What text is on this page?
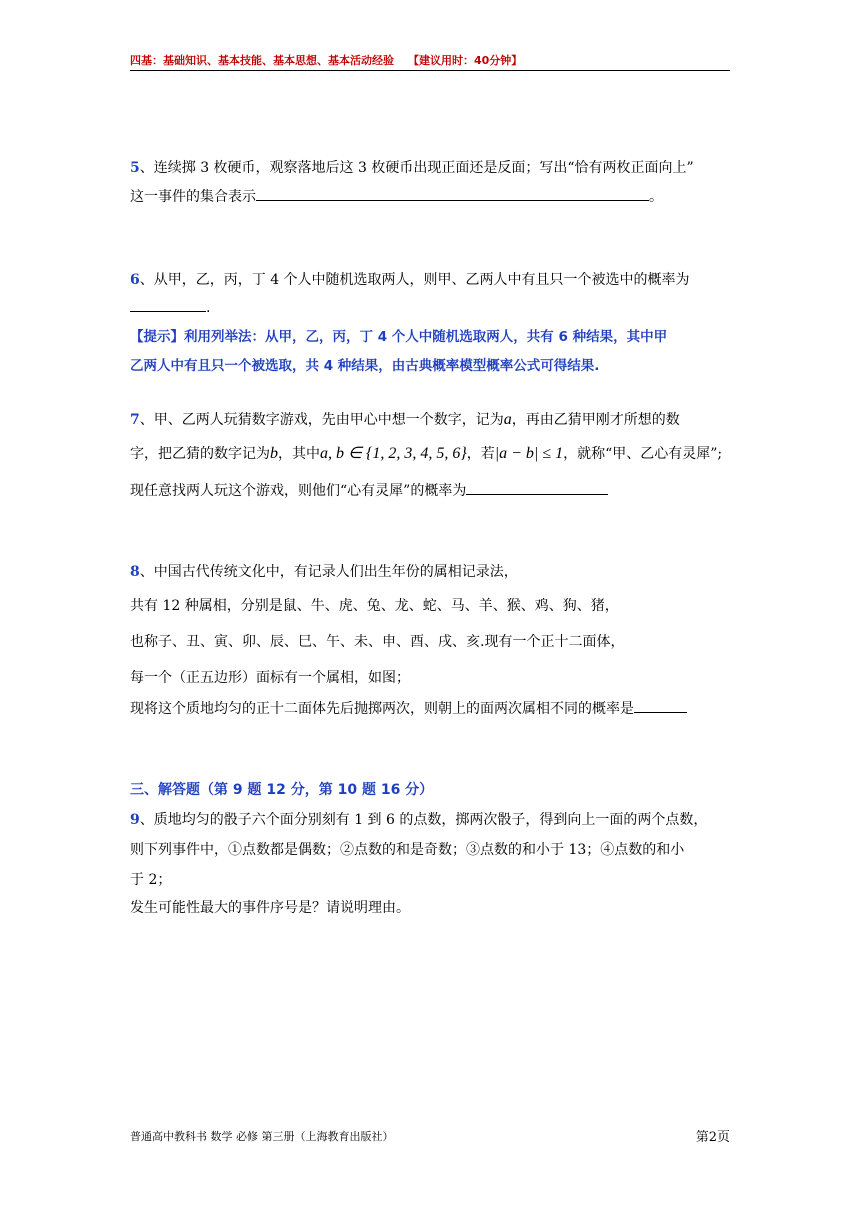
四基：基础知识、基本技能、基本思想、基本活动经验 【建议用时：40分钟】
5、连续掷 3 枚硬币，观察落地后这 3 枚硬币出现正面还是反面；写出“恰有两枚正面向上”
这一事件的集合表示	。
6、从甲，乙，丙，丁 4 个人中随机选取两人，则甲、乙两人中有且只一个被选中的概率为
.
【提示】利用列举法：从甲，乙，丙，丁 4 个人中随机选取两人，共有 6 种结果，其中甲
乙两人中有且只一个被选取，共 4 种结果，由古典概率模型概率公式可得结果.
7、甲、乙两人玩猜数字游戏，先由甲心中想一个数字，记为a，再由乙猜甲刚才所想的数
字，把乙猜的数字记为b，其中a, b ∈ {1, 2, 3, 4, 5, 6}，若|a − b| ≤ 1，就称“甲、乙心有灵犀”;
现任意找两人玩这个游戏，则他们“心有灵犀”的概率为
8、中国古代传统文化中，有记录人们出生年份的属相记录法，
共有 12 种属相，分别是鼠、牛、虎、兔、龙、蛇、马、羊、猴、鸡、狗、猪，
也称子、丑、寅、卯、辰、巳、午、未、申、酉、戌、亥.现有一个正十二面体，
每一个（正五边形）面标有一个属相，如图；
现将这个质地均匀的正十二面体先后抛掷两次，则朝上的面两次属相不同的概率是
三、解答题（第 9 题 12 分，第 10 题 16 分）
9、质地均匀的骰子六个面分别刻有 1 到 6 的点数，掷两次骰子，得到向上一面的两个点数，
则下列事件中，①点数都是偶数；②点数的和是奇数；③点数的和小于 13；④点数的和小
于 2；
发生可能性最大的事件序号是？请说明理由。
普通高中教科书 数学 必修 第三册（上海教育出版社）	第2页
